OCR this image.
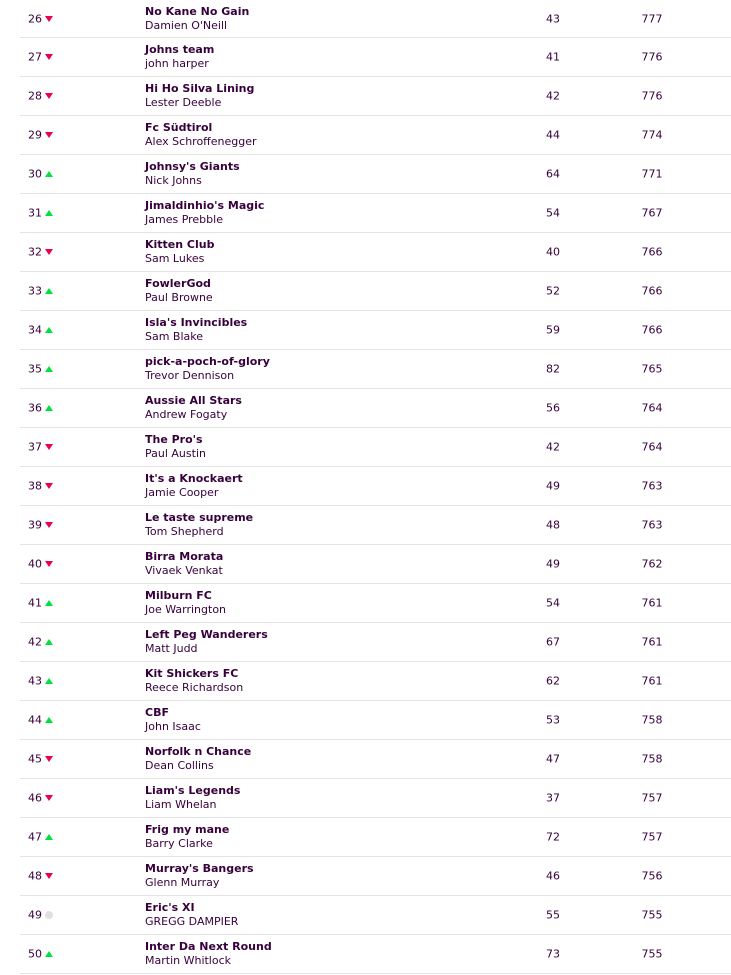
26
No Kane No Gain
Damien O'Neill	43	777
27
Johns team
john harper	41	776
28
Hi Ho Silva Lining
Lester Deeble	42	776
29
Fc Südtirol
Alex Schroffenegger	44	774
30
Johnsy's Giants
Nick Johns	64	771
31
Jimaldinhio's Magic
James Prebble	54	767
32
Kitten Club
Sam Lukes	40	766
33
FowlerGod
Paul Browne	52	766
34
Isla's Invincibles
Sam Blake	59	766
35
pick-a-poch-of-glory
Trevor Dennison	82	765
36
Aussie All Stars
Andrew Fogaty	56	764
37
The Pro's
Paul Austin	42	764
38
It's a Knockaert
Jamie Cooper	49	763
39
Le taste supreme
Tom Shepherd	48	763
40
Birra Morata
Vivaek Venkat	49	762
41
Milburn FC
Joe Warrington	54	761
42
Left Peg Wanderers
Matt Judd	67	761
43
Kit Shickers FC
Reece Richardson	62	761
44
CBF
John Isaac	53	758
45
Norfolk n Chance
Dean Collins	47	758
46
Liam's Legends
Liam Whelan	37	757
47
Frig my mane
Barry Clarke	72	757
48
Murray's Bangers
Glenn Murray	46	756
49
Eric's XI
GREGG DAMPIER	55	755
50
Inter Da Next Round
Martin Whitlock	73	755
